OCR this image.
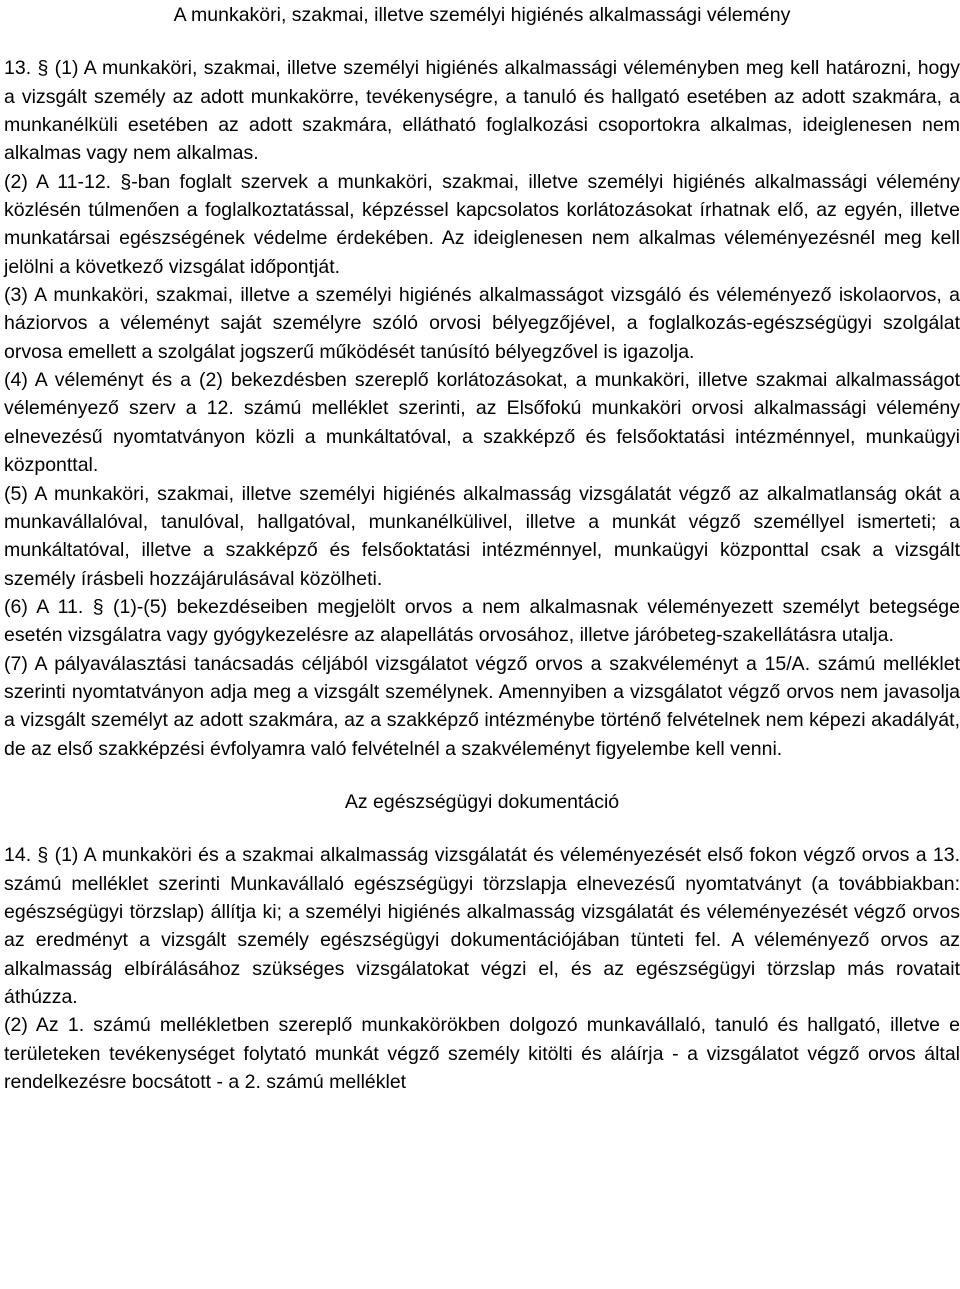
A munkaköri, szakmai, illetve személyi higiénés alkalmassági vélemény

13. § (1) A munkaköri, szakmai, illetve személyi higiénés alkalmassági véleményben meg kell határozni, hogy a vizsgált személy az adott munkakörre, tevékenységre, a tanuló és hallgató esetében az adott szakmára, a munkanélküli esetében az adott szakmára, ellátható foglalkozási csoportokra alkalmas, ideiglenesen nem alkalmas vagy nem alkalmas.

(2) A 11-12. §-ban foglalt szervek a munkaköri, szakmai, illetve személyi higiénés alkalmassági vélemény közlésén túlmenően a foglalkoztatással, képzéssel kapcsolatos korlátozásokat írhatnak elő, az egyén, illetve munkatársai egészségének védelme érdekében. Az ideiglenesen nem alkalmas véleményezésnél meg kell jelölni a következő vizsgálat időpontját.

(3) A munkaköri, szakmai, illetve a személyi higiénés alkalmasságot vizsgáló és véleményező iskolaorvos, a háziorvos a véleményt saját személyre szóló orvosi bélyegzőjével, a foglalkozás-egészségügyi szolgálat orvosa emellett a szolgálat jogszerű működését tanúsító bélyegzővel is igazolja.

(4) A véleményt és a (2) bekezdésben szereplő korlátozásokat, a munkaköri, illetve szakmai alkalmasságot véleményező szerv a 12. számú melléklet szerinti, az Elsőfokú munkaköri orvosi alkalmassági vélemény elnevezésű nyomtatványon közli a munkáltatóval, a szakképző és felsőoktatási intézménnyel, munkaügyi központtal.

(5) A munkaköri, szakmai, illetve személyi higiénés alkalmasság vizsgálatát végző az alkalmatlanság okát a munkavállalóval, tanulóval, hallgatóval, munkanélkülivel, illetve a munkát végző személlyel ismerteti; a munkáltatóval, illetve a szakképző és felsőoktatási intézménnyel, munkaügyi központtal csak a vizsgált személy írásbeli hozzájárulásával közölheti.

(6) A 11. § (1)-(5) bekezdéseiben megjelölt orvos a nem alkalmasnak véleményezett személyt betegsége esetén vizsgálatra vagy gyógykezelésre az alapellátás orvosához, illetve járóbeteg-szakellátásra utalja.

(7) A pályaválasztási tanácsadás céljából vizsgálatot végző orvos a szakvéleményt a 15/A. számú melléklet szerinti nyomtatványon adja meg a vizsgált személynek. Amennyiben a vizsgálatot végző orvos nem javasolja a vizsgált személyt az adott szakmára, az a szakképző intézménybe történő felvételnek nem képezi akadályát, de az első szakképzési évfolyamra való felvételnél a szakvéleményt figyelembe kell venni.

Az egészségügyi dokumentáció

14. § (1) A munkaköri és a szakmai alkalmasság vizsgálatát és véleményezését első fokon végző orvos a 13. számú melléklet szerinti Munkavállaló egészségügyi törzslapja elnevezésű nyomtatványt (a továbbiakban: egészségügyi törzslap) állítja ki; a személyi higiénés alkalmasság vizsgálatát és véleményezését végző orvos az eredményt a vizsgált személy egészségügyi dokumentációjában tünteti fel. A véleményező orvos az alkalmasság elbírálásához szükséges vizsgálatokat végzi el, és az egészségügyi törzslap más rovatait áthúzza.

(2) Az 1. számú mellékletben szereplő munkakörökben dolgozó munkavállaló, tanuló és hallgató, illetve e területeken tevékenységet folytató munkát végző személy kitölti és aláírja - a vizsgálatot végző orvos által rendelkezésre bocsátott - a 2. számú melléklet
